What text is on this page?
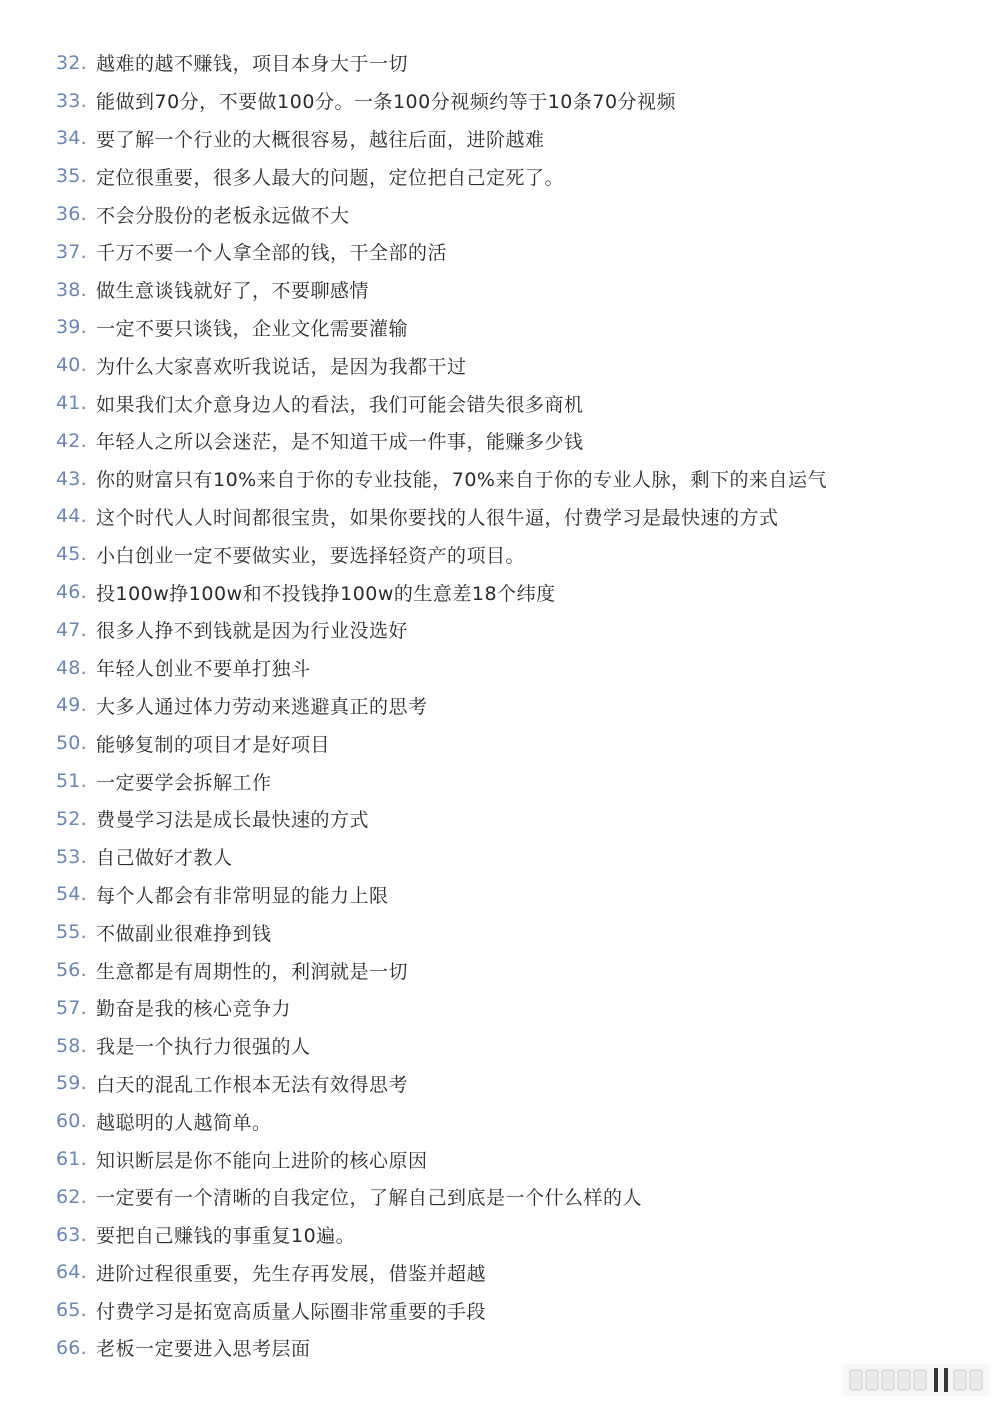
32. 越难的越不赚钱，项目本身大于一切
33. 能做到70分，不要做100分。一条100分视频约等于10条70分视频
34. 要了解一个行业的大概很容易，越往后面，进阶越难
35. 定位很重要，很多人最大的问题，定位把自己定死了。
36. 不会分股份的老板永远做不大
37. 千万不要一个人拿全部的钱，干全部的活
38. 做生意谈钱就好了，不要聊感情
39. 一定不要只谈钱，企业文化需要灌输
40. 为什么大家喜欢听我说话，是因为我都干过
41. 如果我们太介意身边人的看法，我们可能会错失很多商机
42. 年轻人之所以会迷茫，是不知道干成一件事，能赚多少钱
43. 你的财富只有10%来自于你的专业技能，70%来自于你的专业人脉，剩下的来自运气
44. 这个时代人人时间都很宝贵，如果你要找的人很牛逼，付费学习是最快速的方式
45. 小白创业一定不要做实业，要选择轻资产的项目。
46. 投100w挣100w和不投钱挣100w的生意差18个纬度
47. 很多人挣不到钱就是因为行业没选好
48. 年轻人创业不要单打独斗
49. 大多人通过体力劳动来逃避真正的思考
50. 能够复制的项目才是好项目
51. 一定要学会拆解工作
52. 费曼学习法是成长最快速的方式
53. 自己做好才教人
54. 每个人都会有非常明显的能力上限
55. 不做副业很难挣到钱
56. 生意都是有周期性的，利润就是一切
57. 勤奋是我的核心竞争力
58. 我是一个执行力很强的人
59. 白天的混乱工作根本无法有效得思考
60. 越聪明的人越简单。
61. 知识断层是你不能向上进阶的核心原因
62. 一定要有一个清晰的自我定位，了解自己到底是一个什么样的人
63. 要把自己赚钱的事重复10遍。
64. 进阶过程很重要，先生存再发展，借鉴并超越
65. 付费学习是拓宽高质量人际圈非常重要的手段
66. 老板一定要进入思考层面
